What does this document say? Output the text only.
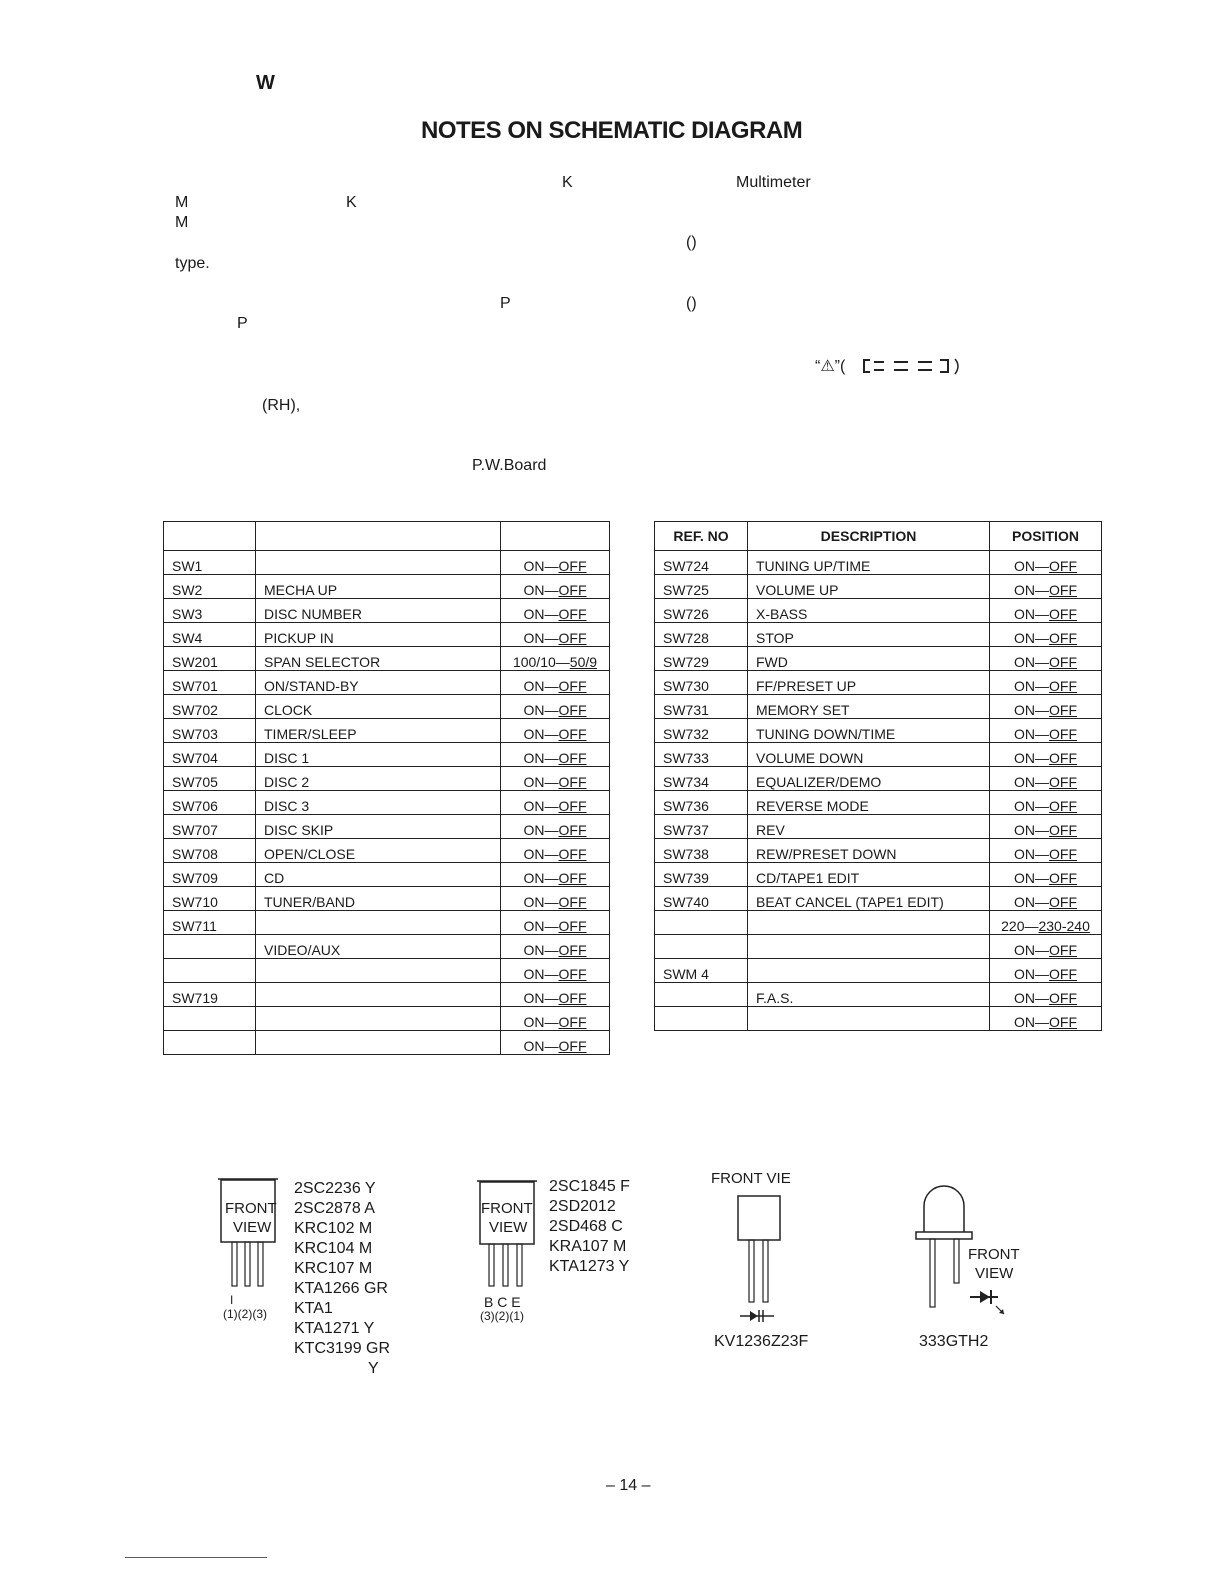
W
NOTES ON SCHEMATIC DIAGRAM
K	Multimeter
M	K
M
()
type.
P	()
P
“⚠”(
(RH),
P.W.Board

SW1		ON—OFF
SW2	MECHA UP	ON—OFF
SW3	DISC NUMBER	ON—OFF
SW4	PICKUP IN	ON—OFF
SW201	SPAN SELECTOR	100/10—50/9
SW701	ON/STAND-BY	ON—OFF
SW702	CLOCK	ON—OFF
SW703	TIMER/SLEEP	ON—OFF
SW704	DISC 1	ON—OFF
SW705	DISC 2	ON—OFF
SW706	DISC 3	ON—OFF
SW707	DISC SKIP	ON—OFF
SW708	OPEN/CLOSE	ON—OFF
SW709	CD	ON—OFF
SW710	TUNER/BAND	ON—OFF
SW711		ON—OFF
	VIDEO/AUX	ON—OFF
		ON—OFF
SW719		ON—OFF
		ON—OFF
		ON—OFF
REF. NO	DESCRIPTION	POSITION
SW724	TUNING UP/TIME	ON—OFF
SW725	VOLUME UP	ON—OFF
SW726	X-BASS	ON—OFF
SW728	STOP	ON—OFF
SW729	FWD	ON—OFF
SW730	FF/PRESET UP	ON—OFF
SW731	MEMORY SET	ON—OFF
SW732	TUNING DOWN/TIME	ON—OFF
SW733	VOLUME DOWN	ON—OFF
SW734	EQUALIZER/DEMO	ON—OFF
SW736	REVERSE MODE	ON—OFF
SW737	REV	ON—OFF
SW738	REW/PRESET DOWN	ON—OFF
SW739	CD/TAPE1 EDIT	ON—OFF
SW740	BEAT CANCEL (TAPE1 EDIT)	ON—OFF
		220—230-240
		ON—OFF
SWM 4		ON—OFF
	F.A.S.	ON—OFF
		ON—OFF
FRONT
VIEW
I
(1)(2)(3)
2SC2236 Y
2SC2878 A
KRC102 M
KRC104 M
KRC107 M
KTA1266 GR
KTA1
KTA1271 Y
KTC3199 GR
Y
FRONT
VIEW
B C E
(3)(2)(1)
2SC1845 F
2SD2012
2SD468 C
KRA107 M
KTA1273 Y
FRONT VIE
KV1236Z23F
FRONT
VIEW
333GTH2
– 14 –
